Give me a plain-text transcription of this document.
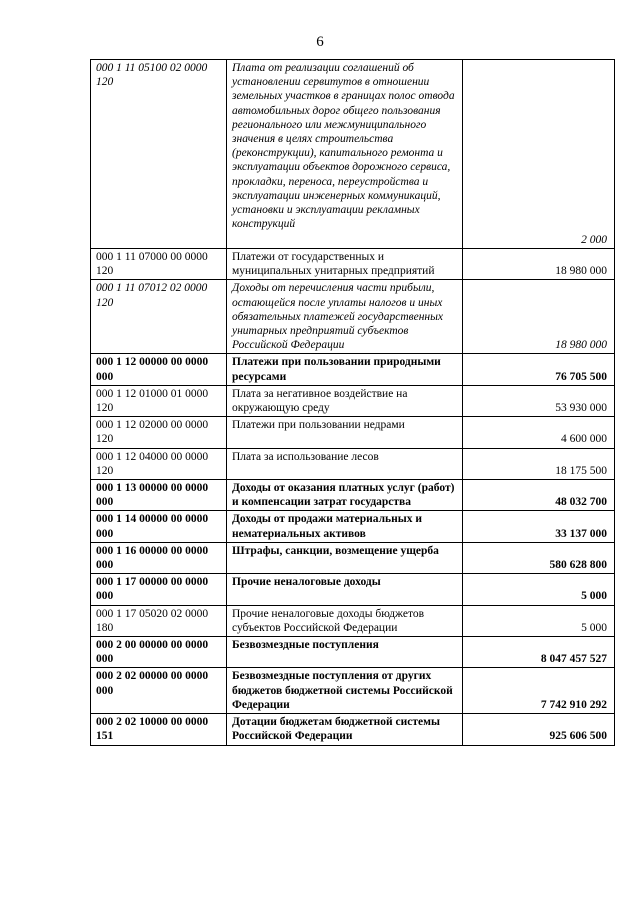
6
000 1 11 05100 02 0000 120	Плата от реализации соглашений об установлении сервитутов в отношении земельных участков в границах полос отвода автомобильных дорог общего пользования регионального или межмуниципального значения в целях строительства (реконструкции), капитального ремонта и эксплуатации объектов дорожного сервиса, прокладки, переноса, переустройства и эксплуатации инженерных коммуникаций, установки и эксплуатации рекламных конструкций	2 000
000 1 11 07000 00 0000 120	Платежи от государственных и муниципальных унитарных предприятий	18 980 000
000 1 11 07012 02 0000 120	Доходы от перечисления части прибыли, остающейся после уплаты налогов и иных обязательных платежей государственных унитарных предприятий субъектов Российской Федерации	18 980 000
000 1 12 00000 00 0000 000	Платежи при пользовании природными ресурсами	76 705 500
000 1 12 01000 01 0000 120	Плата за негативное воздействие на окружающую среду	53 930 000
000 1 12 02000 00 0000 120	Платежи при пользовании недрами	4 600 000
000 1 12 04000 00 0000 120	Плата за использование лесов	18 175 500
000 1 13 00000 00 0000 000	Доходы от оказания платных услуг (работ) и компенсации затрат государства	48 032 700
000 1 14 00000 00 0000 000	Доходы от продажи материальных и нематериальных активов	33 137 000
000 1 16 00000 00 0000 000	Штрафы, санкции, возмещение ущерба	580 628 800
000 1 17 00000 00 0000 000	Прочие неналоговые доходы	5 000
000 1 17 05020 02 0000 180	Прочие неналоговые доходы бюджетов субъектов Российской Федерации	5 000
000 2 00 00000 00 0000 000	Безвозмездные поступления	8 047 457 527
000 2 02 00000 00 0000 000	Безвозмездные поступления от других бюджетов бюджетной системы Российской Федерации	7 742 910 292
000 2 02 10000 00 0000 151	Дотации бюджетам бюджетной системы Российской Федерации	925 606 500
